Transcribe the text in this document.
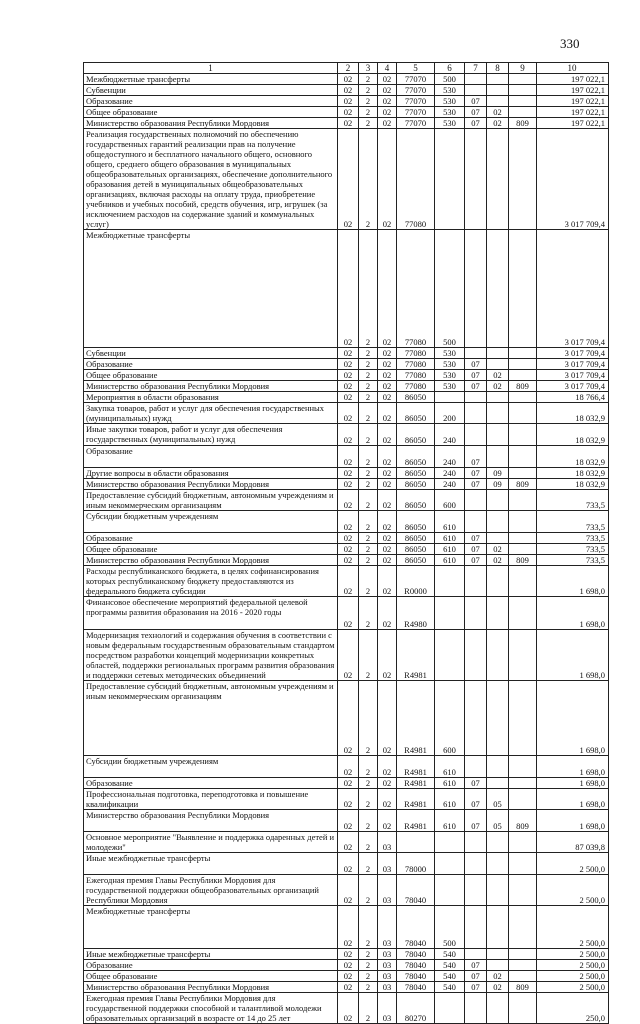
330
1	2	3	4	5	6	7	8	9	10
Межбюджетные трансферты	02	2	02	77070	500				197 022,1
Субвенции	02	2	02	77070	530				197 022,1
Образование	02	2	02	77070	530	07			197 022,1
Общее образование	02	2	02	77070	530	07	02		197 022,1
Министерство образования Республики Мордовия	02	2	02	77070	530	07	02	809	197 022,1
Реализация государственных полномочий по обеспечению государственных гарантий реализации прав на получение общедоступного и бесплатного начального общего, основного общего, среднего общего образования в муниципальных общеобразовательных организациях, обеспечение дополнительного образования детей в муниципальных общеобразовательных организациях, включая расходы на оплату труда, приобретение учебников и учебных пособий, средств обучения, игр, игрушек (за исключением расходов на содержание зданий и коммунальных услуг)	02	2	02	77080					3 017 709,4
Межбюджетные трансферты	02	2	02	77080	500				3 017 709,4
Субвенции	02	2	02	77080	530				3 017 709,4
Образование	02	2	02	77080	530	07			3 017 709,4
Общее образование	02	2	02	77080	530	07	02		3 017 709,4
Министерство образования Республики Мордовия	02	2	02	77080	530	07	02	809	3 017 709,4
Мероприятия в области образования	02	2	02	86050					18 766,4
Закупка товаров, работ и услуг для обеспечения государственных (муниципальных) нужд	02	2	02	86050	200				18 032,9
Иные закупки товаров, работ и услуг для обеспечения государственных (муниципальных) нужд	02	2	02	86050	240				18 032,9
Образование	02	2	02	86050	240	07			18 032,9
Другие вопросы в области образования	02	2	02	86050	240	07	09		18 032,9
Министерство образования Республики Мордовия	02	2	02	86050	240	07	09	809	18 032,9
Предоставление субсидий бюджетным, автономным учреждениям и иным некоммерческим организациям	02	2	02	86050	600				733,5
Субсидии бюджетным учреждениям	02	2	02	86050	610				733,5
Образование	02	2	02	86050	610	07			733,5
Общее образование	02	2	02	86050	610	07	02		733,5
Министерство образования Республики Мордовия	02	2	02	86050	610	07	02	809	733,5
Расходы республиканского бюджета, в целях софинансирования которых республиканскому бюджету предоставляются из федерального бюджета субсидии	02	2	02	R0000					1 698,0
Финансовое обеспечение мероприятий федеральной целевой программы развития образования на 2016 - 2020 годы	02	2	02	R4980					1 698,0
Модернизация технологий и содержания обучения в соответствии с новым федеральным государственным образовательным стандартом посредством разработки концепций модернизации конкретных областей, поддержки региональных программ развития образования и поддержки сетевых методических объединений	02	2	02	R4981					1 698,0
Предоставление субсидий бюджетным, автономным учреждениям и иным некоммерческим организациям	02	2	02	R4981	600				1 698,0
Субсидии бюджетным учреждениям	02	2	02	R4981	610				1 698,0
Образование	02	2	02	R4981	610	07			1 698,0
Профессиональная подготовка, переподготовка и повышение квалификации	02	2	02	R4981	610	07	05		1 698,0
Министерство образования Республики Мордовия	02	2	02	R4981	610	07	05	809	1 698,0
Основное мероприятие "Выявление и поддержка одаренных детей и молодежи"	02	2	03						87 039,8
Иные межбюджетные трансферты	02	2	03	78000					2 500,0
Ежегодная премия Главы Республики Мордовия для государственной поддержки общеобразовательных организаций Республики Мордовия	02	2	03	78040					2 500,0
Межбюджетные трансферты	02	2	03	78040	500				2 500,0
Иные межбюджетные трансферты	02	2	03	78040	540				2 500,0
Образование	02	2	03	78040	540	07			2 500,0
Общее образование	02	2	03	78040	540	07	02		2 500,0
Министерство образования Республики Мордовия	02	2	03	78040	540	07	02	809	2 500,0
Ежегодная премия Главы Республики Мордовия для государственной поддержки способной и талантливой молодежи образовательных организаций в возрасте от 14 до 25 лет	02	2	03	80270					250,0
